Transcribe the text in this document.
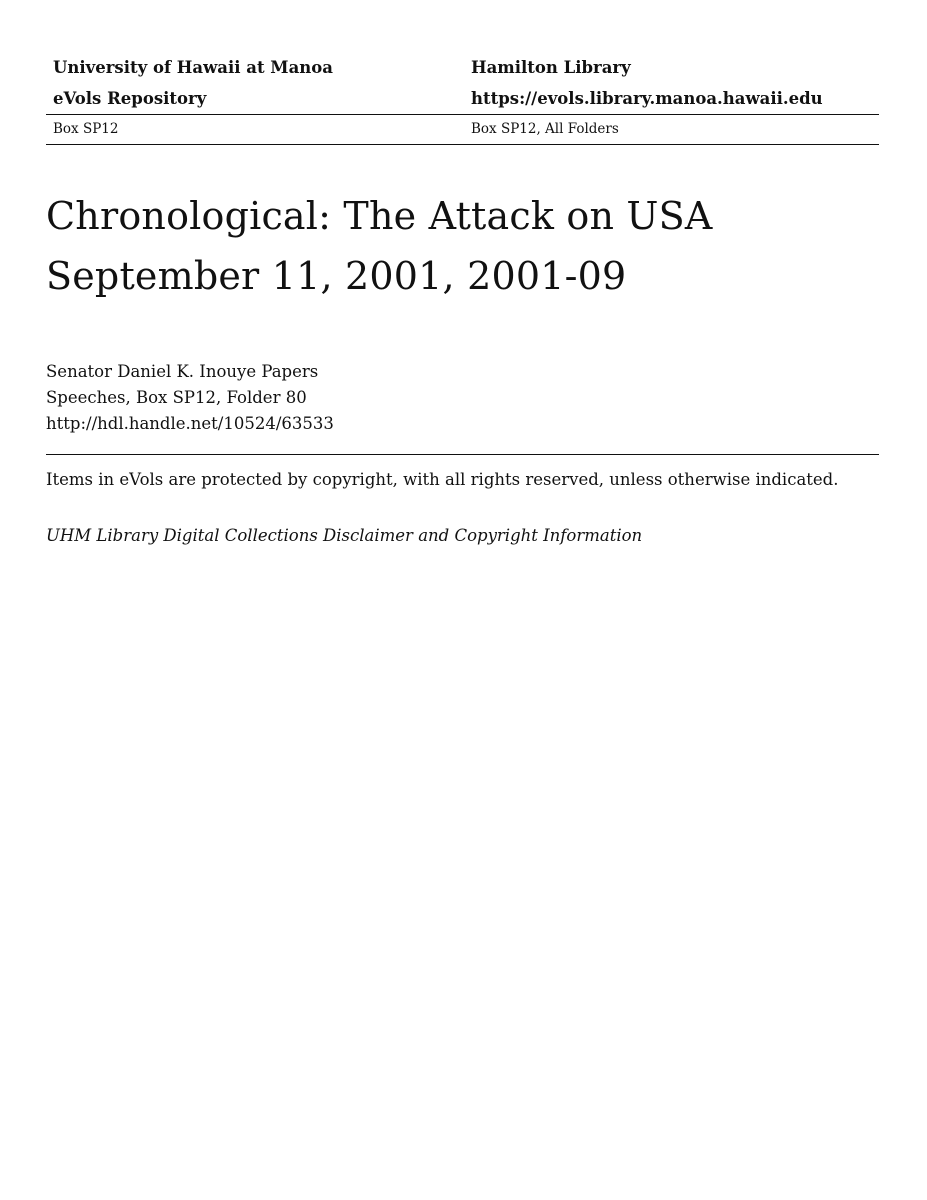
University of Hawaii at Manoa	Hamilton Library
eVols Repository	https://evols.library.manoa.hawaii.edu
Box SP12	Box SP12, All Folders
Chronological: The Attack on USA
September 11, 2001, 2001-09
Senator Daniel K. Inouye Papers
Speeches, Box SP12, Folder 80
http://hdl.handle.net/10524/63533
Items in eVols are protected by copyright, with all rights reserved, unless otherwise indicated.
UHM Library Digital Collections Disclaimer and Copyright Information
